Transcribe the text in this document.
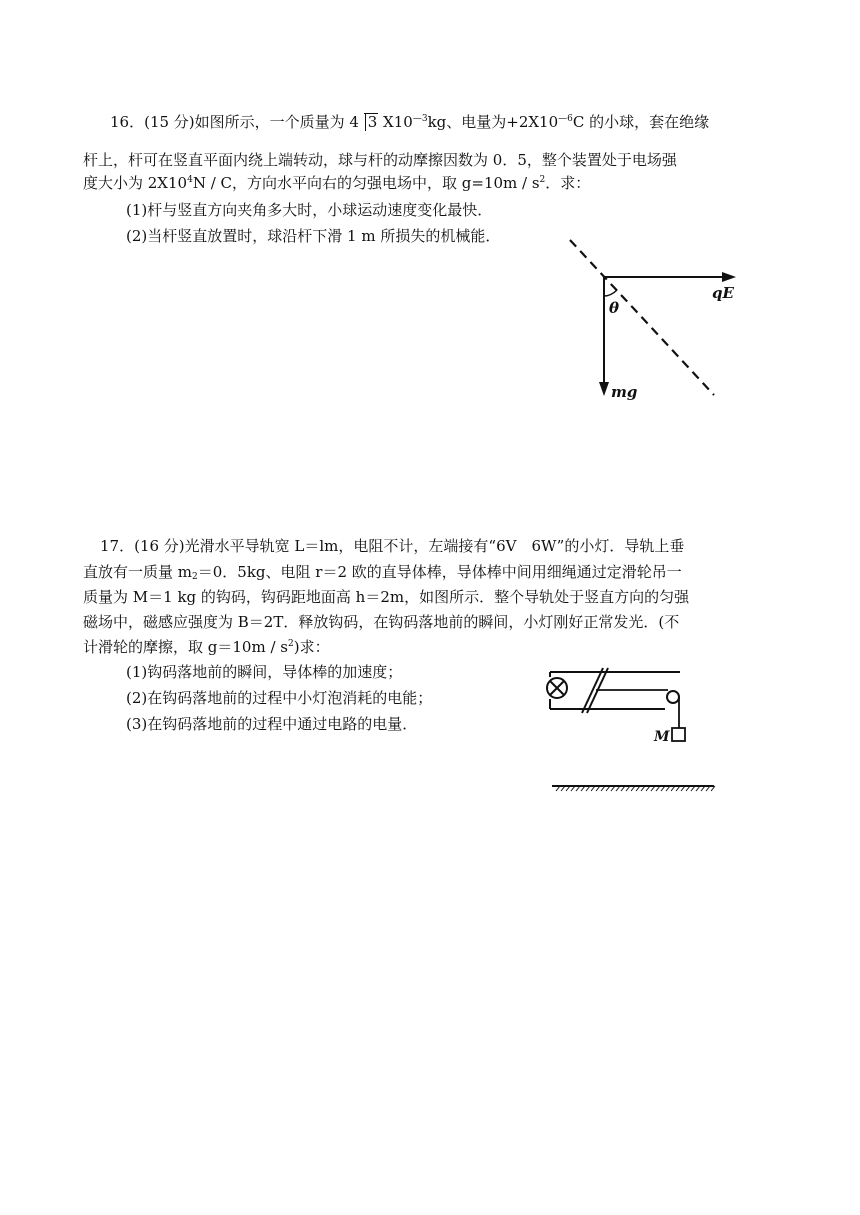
16．(15 分)如图所示，一个质量为 4 3 $X10^{—3}kg$、电量为$+2X10^{—6}C$ 的小球，套在绝缘
杆上，杆可在竖直平面内绕上端转动，球与杆的动摩擦因数为 0．5，整个装置处于电场强
度大小为 $2X10^4N$ / C，方向水平向右的匀强电场中，取 $g=10m / s^2$．求：
(1)杆与竖直方向夹角多大时，小球运动速度变化最快．
(2)当杆竖直放置时，球沿杆下滑 1 m 所损失的机械能．
qE
θ
mg
17．(16 分)光滑水平导轨宽 L＝lm，电阻不计，左端接有“6V　6W”的小灯．导轨上垂
直放有一质量 $m_2=0$．5kg、电阻 r＝2 欧的直导体棒，导体棒中间用细绳通过定滑轮吊一
质量为 M＝1 kg 的钩码，钩码距地面高 h＝2m，如图所示．整个导轨处于竖直方向的匀强
磁场中，磁感应强度为 B＝2T．释放钩码，在钩码落地前的瞬间，小灯刚好正常发光．(不
计滑轮的摩擦，取 $g=10m / s^2$)求：
(1)钩码落地前的瞬间，导体棒的加速度；
(2)在钩码落地前的过程中小灯泡消耗的电能；
(3)在钩码落地前的过程中通过电路的电量．
M
